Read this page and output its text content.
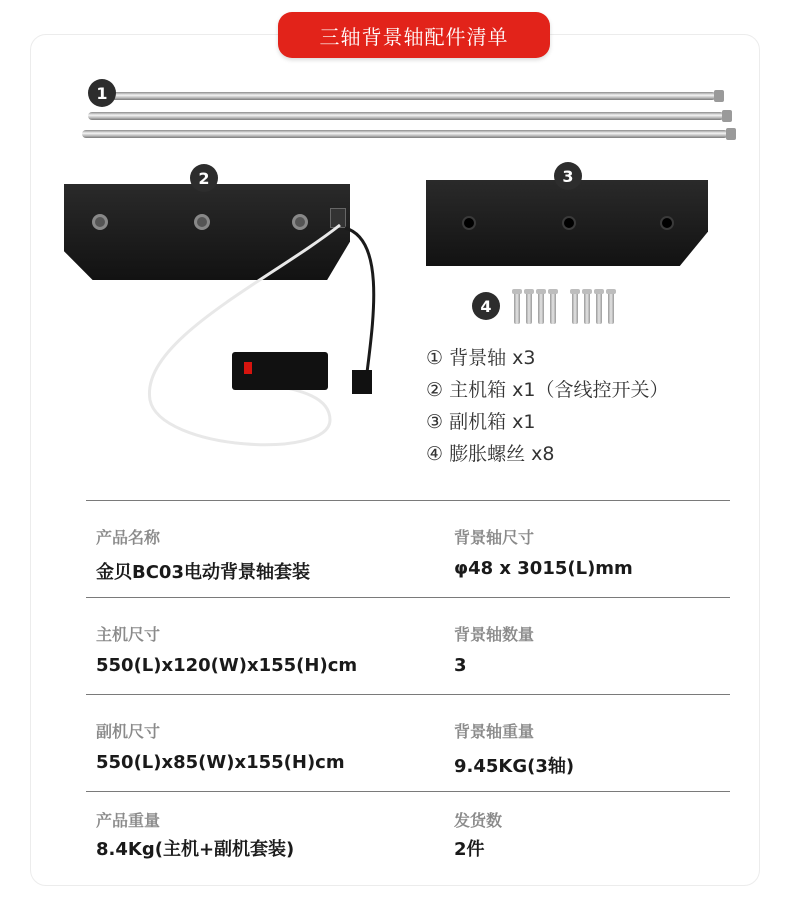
三轴背景轴配件清单
1
2	3
4
① 背景轴 x3
② 主机箱 x1（含线控开关）
③ 副机箱 x1
④ 膨胀螺丝 x8
产品名称
金贝BC03电动背景轴套装
背景轴尺寸
φ48 x 3015(L)mm
主机尺寸
550(L)x120(W)x155(H)cm
背景轴数量
3
副机尺寸
550(L)x85(W)x155(H)cm
背景轴重量
9.45KG(3轴)
产品重量
8.4Kg(主机+副机套装)
发货数
2件
